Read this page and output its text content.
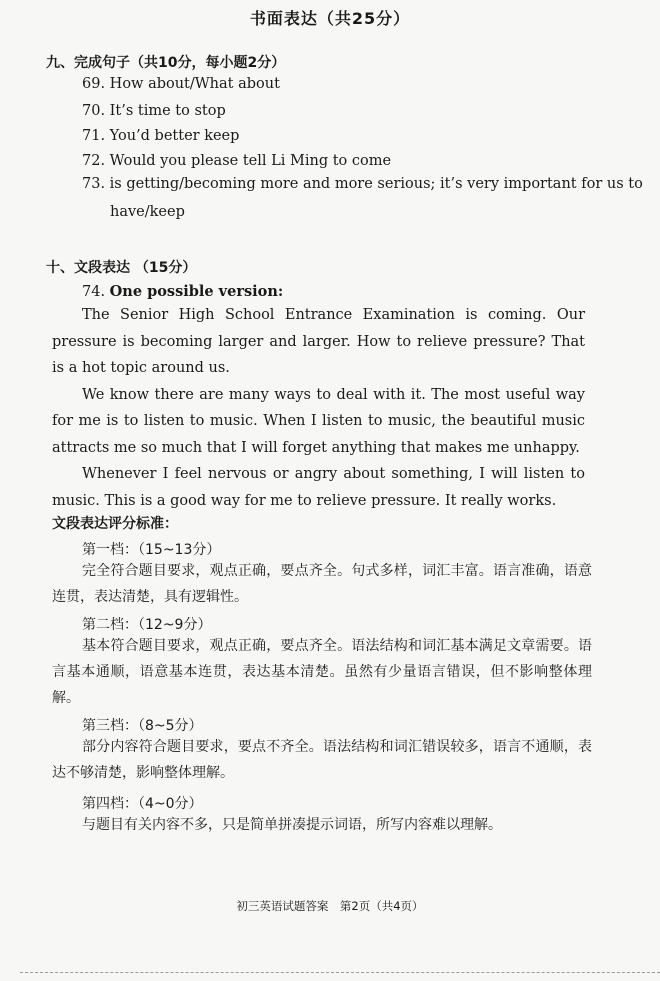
书面表达（共25分）
九、完成句子（共10分，每小题2分）
69. How about/What about
70. It’s time to stop
71. You’d better keep
72. Would you please tell Li Ming to come
73. is getting/becoming more and more serious; it’s very important for us to
have/keep
十、文段表达 （15分）
74. One possible version:

The Senior High School Entrance Examination is coming. Our pressure is becoming larger and larger. How to relieve pressure? That is a hot topic around us.

We know there are many ways to deal with it. The most useful way for me is to listen to music. When I listen to music, the beautiful music attracts me so much that I will forget anything that makes me unhappy.

Whenever I feel nervous or angry about something, I will listen to music. This is a good way for me to relieve pressure. It really works.

文段表达评分标准：
第一档：（15~13分）
完全符合题目要求，观点正确，要点齐全。句式多样，词汇丰富。语言准确，语意连贯，表达清楚，具有逻辑性。
第二档：（12~9分）
基本符合题目要求，观点正确，要点齐全。语法结构和词汇基本满足文章需要。语言基本通顺，语意基本连贯，表达基本清楚。虽然有少量语言错误，但不影响整体理解。
第三档：（8~5分）
部分内容符合题目要求，要点不齐全。语法结构和词汇错误较多，语言不通顺，表达不够清楚，影响整体理解。
第四档：（4~0分）
与题目有关内容不多，只是简单拼凑提示词语，所写内容难以理解。
初三英语试题答案　第2页（共4页）
